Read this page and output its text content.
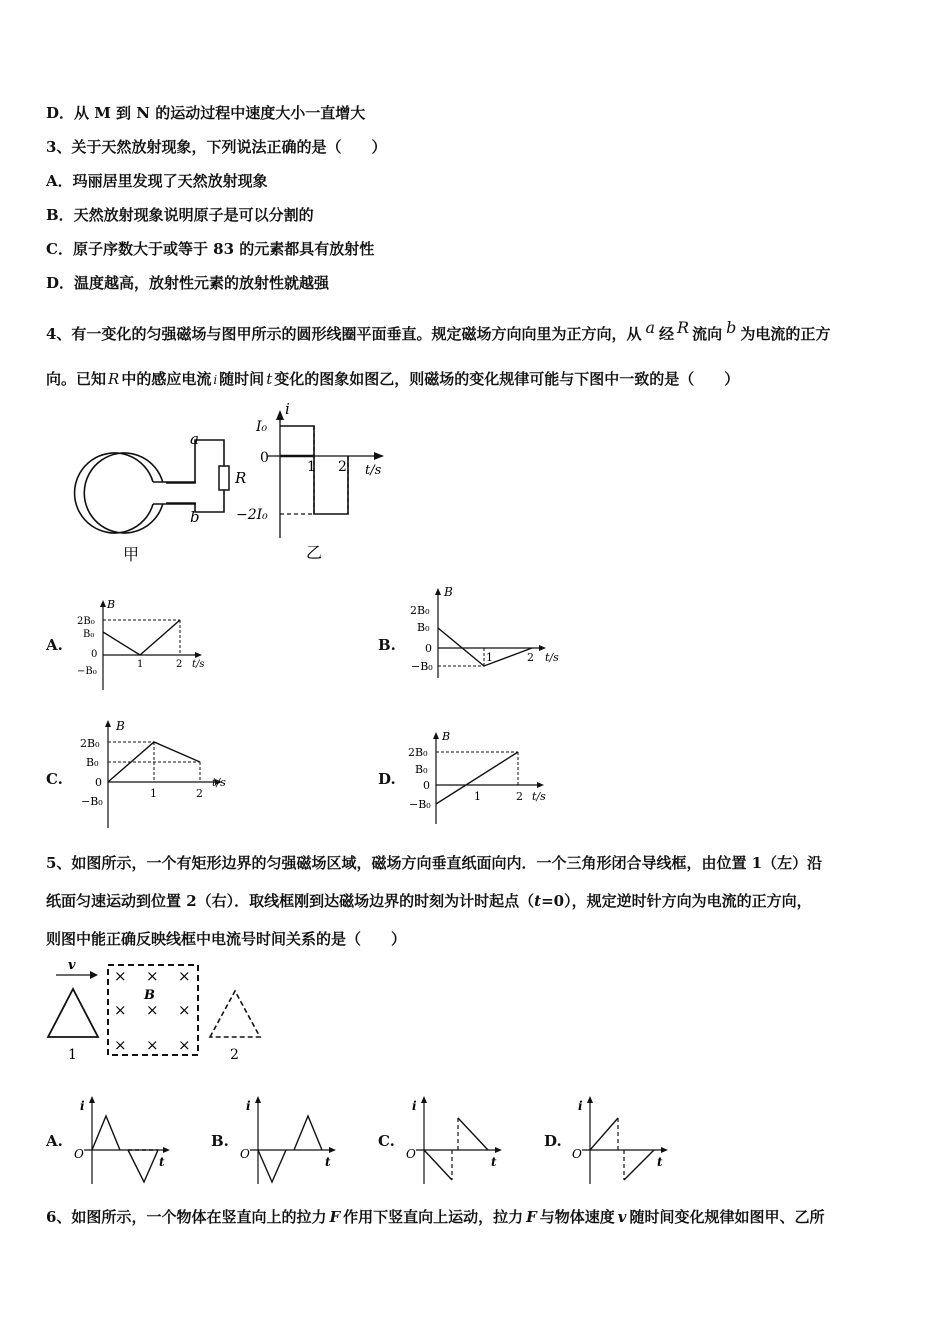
D．从 M 到 N 的运动过程中速度大小一直增大
3、关于天然放射现象，下列说法正确的是（　　）
A．玛丽⁯居里发现了天然放射现象
B．天然放射现象说明原子是可以分割的
C．原子序数大于或等于 83 的元素都具有放射性
D．温度越高，放射性元素的放射性就越强
4、有一变化的匀强磁场与图甲所示的圆形线圈平面垂直。规定磁场方向向里为正方向，从 $^a$ 经 $^R$ 流向 $^b$ 为电流的正方
向。已知 R 中的感应电流 i 随时间 t 变化的图象如图乙，则磁场的变化规律可能与下图中一致的是（　　）
a
R
b
甲
i
I₀
0
1 2 t/s
−2I₀
乙
A.
B
2B₀
B₀
0
−B₀
1	2 t/s
B.
B
2B₀
B₀
0
−B₀
1	2 t/s
C.
B
2B₀
B₀
0
−B₀
1	2
t/s	D.
B
2B₀
B₀
0
−B₀
1	2 t/s
5、如图所示，一个有矩形边界的匀强磁场区域，磁场方向垂直纸面向内．一个三角形闭合导线框，由位置 1（左）沿
纸面匀速运动到位置 2（右）．取线框刚到达磁场边界的时刻为计时起点（t=0），规定逆时针方向为电流的正方向，
则图中能正确反映线框中电流号时间关系的是（　　）
v
1
× × ×
× × ×
× × ×
B
2
A.
i
O
t
B.
i
O
t
C.
i
O
t
D.
i
O
t
6、如图所示，一个物体在竖直向上的拉力 F 作用下竖直向上运动，拉力 F 与物体速度 v 随时间变化规律如图甲、乙所
